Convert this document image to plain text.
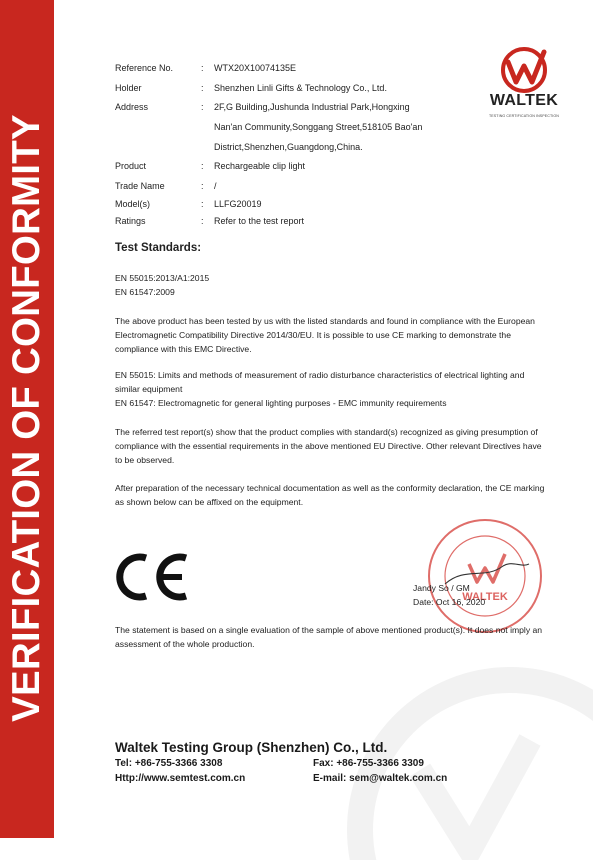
VERIFICATION OF CONFORMITY
WALTEK
TESTING CERTIFICATION INSPECTION
Reference No.	: WTX20X10074135E
Holder	: Shenzhen Linli Gifts & Technology Co., Ltd.
Address	: 2F,G Building,Jushunda Industrial Park,Hongxing
Nan'an Community,Songgang Street,518105 Bao'an
District,Shenzhen,Guangdong,China.
Product	: Rechargeable clip light
Trade Name	: /
Model(s)	: LLFG20019
Ratings	: Refer to the test report
Test Standards:
EN 55015:2013/A1:2015
EN 61547:2009
The above product has been tested by us with the listed standards and found in compliance with the European Electromagnetic Compatibility Directive 2014/30/EU. It is possible to use CE marking to demonstrate the compliance with this EMC Directive.
EN 55015: Limits and methods of measurement of radio disturbance characteristics of electrical lighting and similar equipment
EN 61547: Electromagnetic for general lighting purposes - EMC immunity requirements
The referred test report(s) show that the product complies with standard(s) recognized as giving presumption of compliance with the essential requirements in the above mentioned EU Directive. Other relevant Directives have to be observed.
After preparation of the necessary technical documentation as well as the conformity declaration, the CE marking as shown below can be affixed on the equipment.
WALTEK
Jandy So / GM
Date: Oct 16, 2020
The statement is based on a single evaluation of the sample of above mentioned product(s). It does not imply an assessment of the whole production.
Waltek Testing Group (Shenzhen) Co., Ltd.
Tel: +86-755-3366 3308	Fax: +86-755-3366 3309
Http://www.semtest.com.cn	E-mail: sem@waltek.com.cn
